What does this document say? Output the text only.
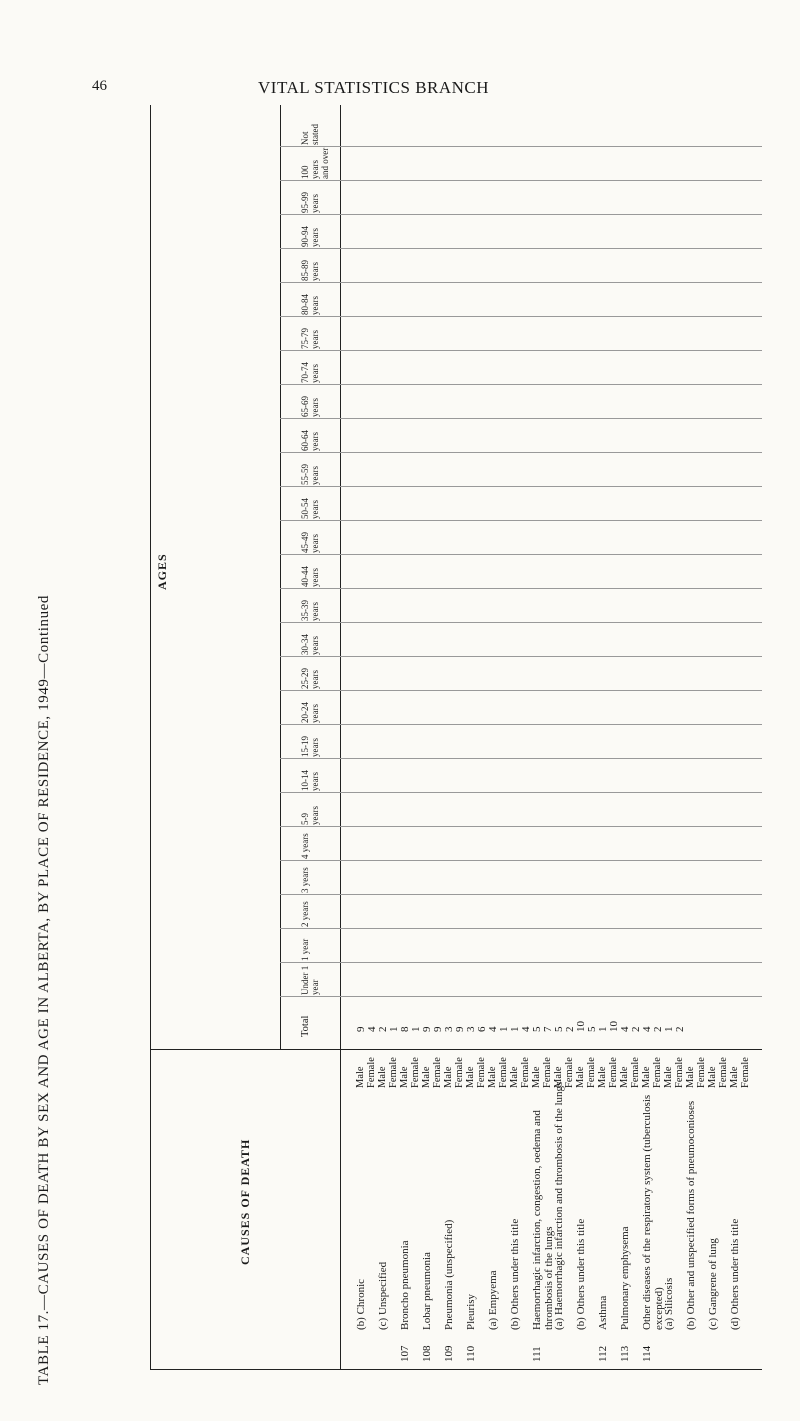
46	VITAL STATISTICS BRANCH
TABLE 17.—CAUSES OF DEATH BY SEX AND AGE IN ALBERTA, BY PLACE OF RESIDENCE, 1949—Continued	CAUSES OF DEATH
AGES
Total
Under 1 year
1 year
2 years
3 years
4 years
5-9 years
10-14 years
15-19 years
20-24 years
25-29 years
30-34 years
35-39 years
40-44 years
45-49 years
50-54 years
55-59 years
60-64 years
65-69 years
70-74 years
75-79 years
80-84 years
85-89 years
90-94 years
95-99 years
100 years and over
Not stated
(b) Chronic
Male
9
Female
4
(c) Unspecified
Male
2
Female
1
107
Broncho pneumonia
Male
8
Female
1
108
Lobar pneumonia
Male
9
Female
9
109
Pneumonia (unspecified)
Male
3
Female
9
110
Pleurisy
Male
3
Female
6
(a) Empyema
Male
4
Female
1
(b) Others under this title
Male
1
Female
4
111
Haemorrhagic infarction, congestion, oedema and thrombosis of the lungs
Male
5
Female
7
(a) Haemorrhagic infarction and thrombosis of the lungs
Male
5
Female
2
(b) Others under this title
Male
10
Female
5
112
Asthma
Male
1
Female
10
113
Pulmonary emphysema
Male
4
Female
2
114
Other diseases of the respiratory system (tuberculosis excepted)
Male
4
Female
2
(a) Silicosis
Male
1
Female
2
(b) Other and unspecified forms of pneumoconioses
Male Female
(c) Gangrene of lung
Male Female
(d) Others under this title
Male Female
